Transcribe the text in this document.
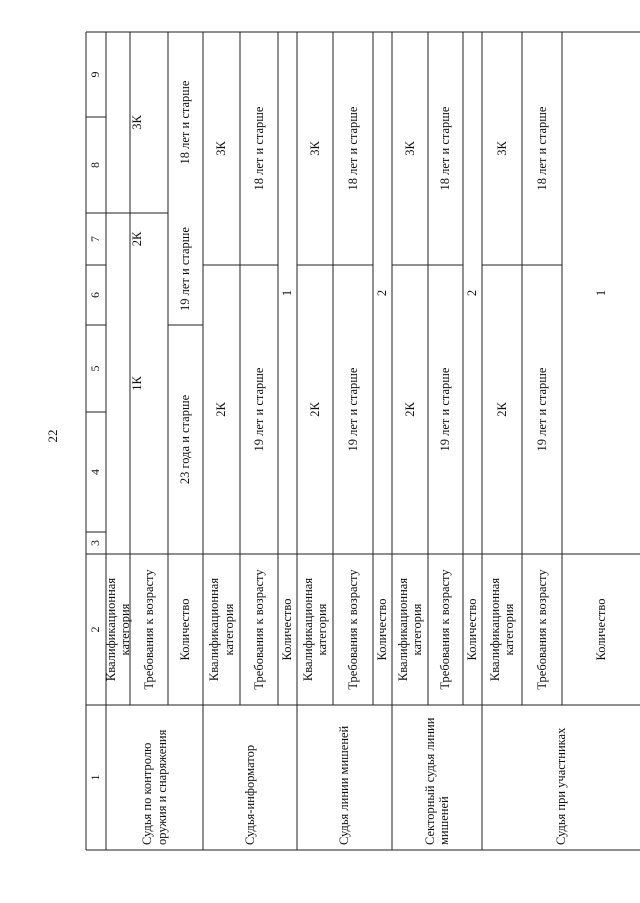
22
1
2
3
4
5
6
7
8
9
Судья по контролю оружия и снаряжения
Квалификационная категория
1К
3К
Требования к возрасту
23 года и старше
19 лет и старше
18 лет и старше
Количество
2К
Судья-информатор
Квалификационная категория
2К
3К
Требования к возрасту
19 лет и старше
18 лет и старше
Количество
1
Судья линии мишеней
Квалификационная категория
2К
3К
Требования к возрасту
19 лет и старше
18 лет и старше
Количество
2
Секторный судья линии мишеней
Квалификационная категория
2К
3К
Требования к возрасту
19 лет и старше
18 лет и старше
Количество
2
Судья при участниках
Квалификационная категория
2К
3К
Требования к возрасту
19 лет и старше
18 лет и старше
Количество
1
